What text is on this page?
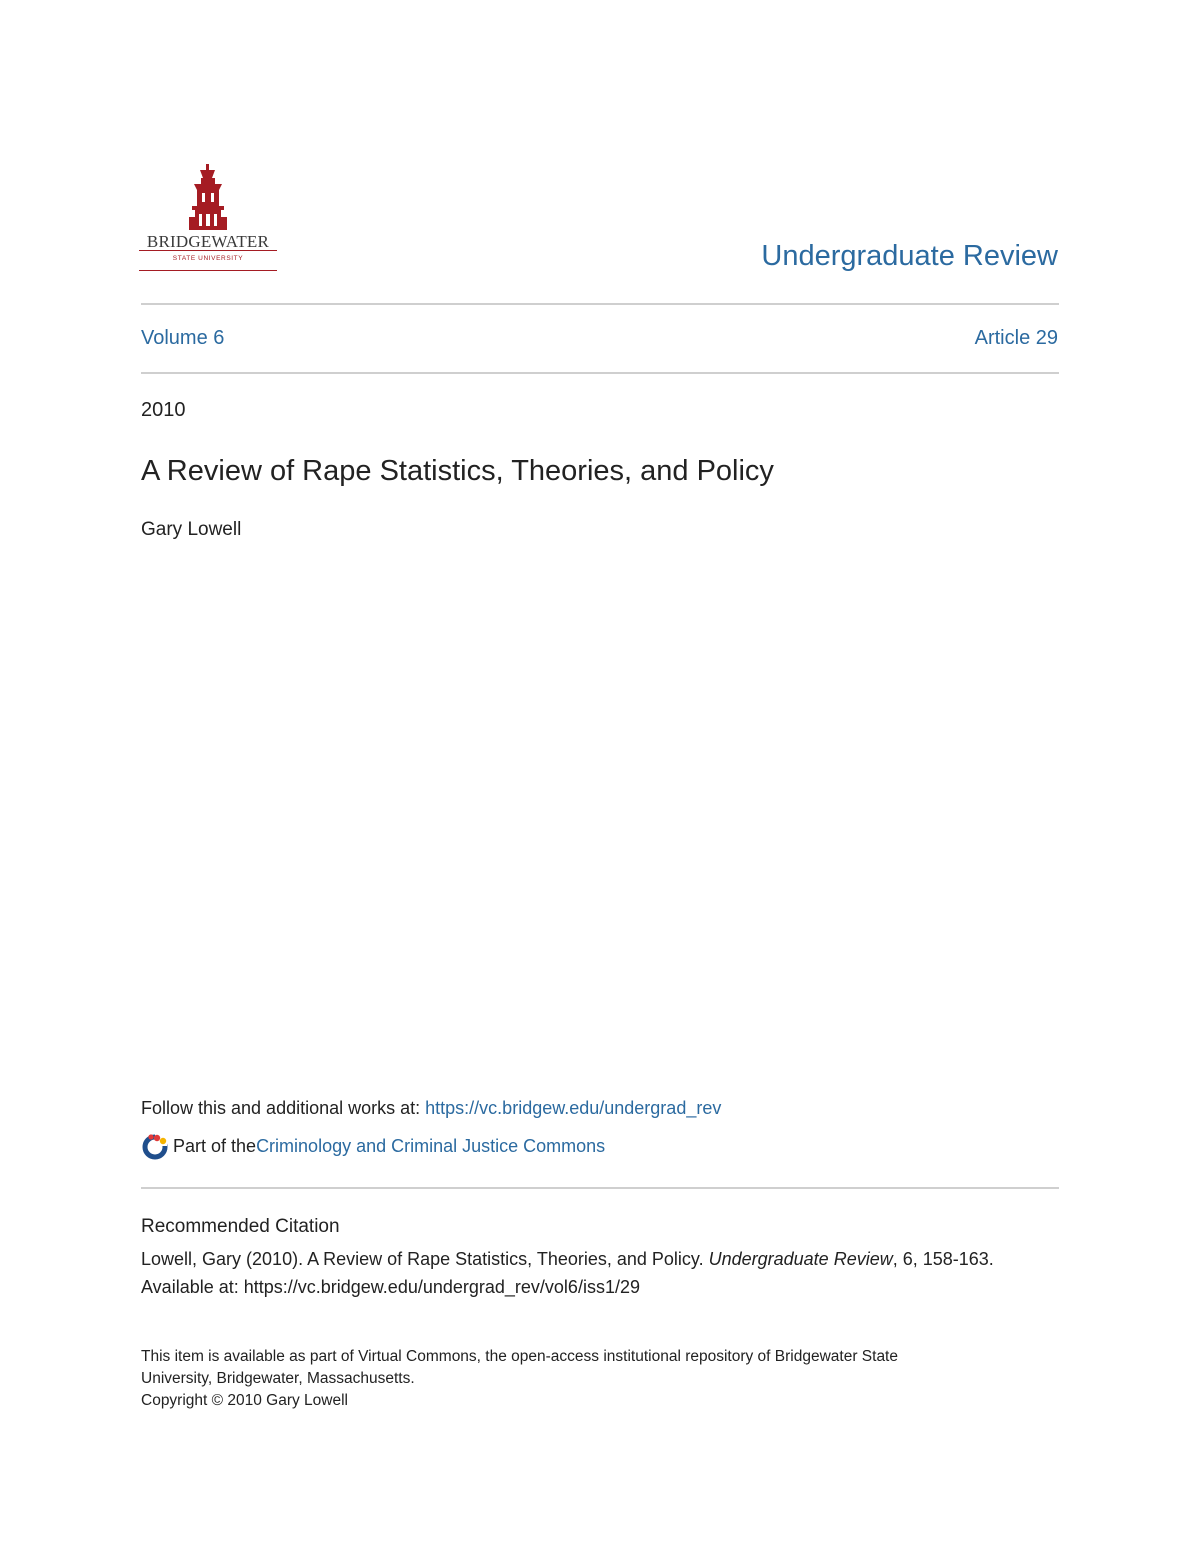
BRIDGEWATER
STATE UNIVERSITY	Undergraduate Review
Volume 6	Article 29
2010
A Review of Rape Statistics, Theories, and Policy
Gary Lowell
Follow this and additional works at: https://vc.bridgew.edu/undergrad_rev
Part of the Criminology and Criminal Justice Commons
Recommended Citation
Lowell, Gary (2010). A Review of Rape Statistics, Theories, and Policy. Undergraduate Review, 6, 158-163.
Available at: https://vc.bridgew.edu/undergrad_rev/vol6/iss1/29
This item is available as part of Virtual Commons, the open-access institutional repository of Bridgewater State
University, Bridgewater, Massachusetts.
Copyright © 2010 Gary Lowell
